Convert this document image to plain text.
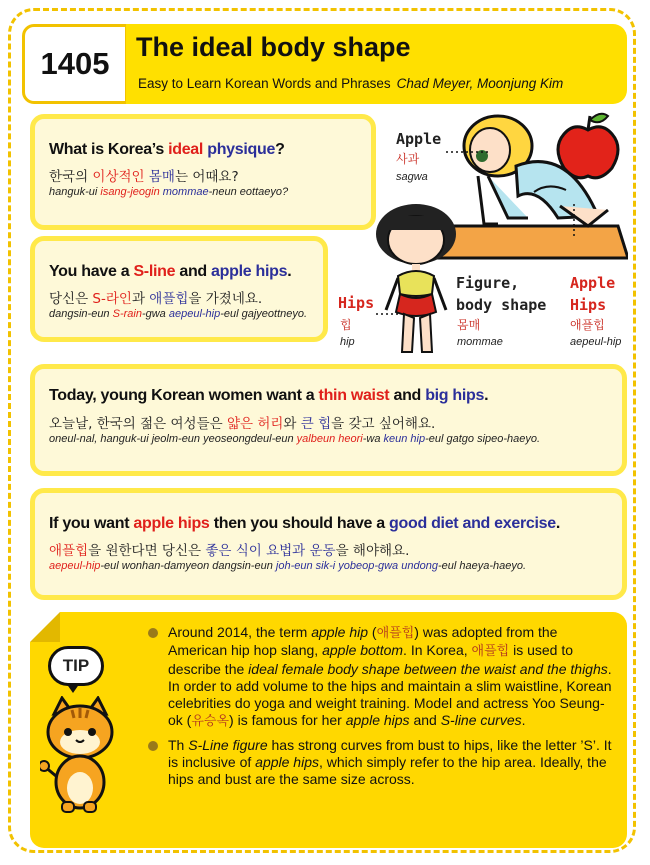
1405 The ideal body shape
Easy to Learn Korean Words and Phrases Chad Meyer, Moonjung Kim
What is Korea’s ideal physique?
한국의 이상적인 몸매는 어때요?
hanguk-ui isang-jeogin mommae-neun eottaeyo?
You have a S-line and apple hips.
당신은 S-라인과 애플힙을 가졌네요.
dangsin-eun S-rain-gwa aepeul-hip-eul gajyeottneyo.
Today, young Korean women want a thin waist and big hips.
오늘날, 한국의 젊은 여성들은 얇은 허리와 큰 힙을 갖고 싶어해요.
oneul-nal, hanguk-ui jeolm-eun yeoseongdeul-eun yalbeun heori-wa keun hip-eul gatgo sipeo-haeyo.
If you want apple hips then you should have a good diet and exercise.
애플힙을 원한다면 당신은 좋은 식이 요법과 운동을 해야해요.
aepeul-hip-eul wonhan-damyeon dangsin-eun joh-eun sik-i yobeop-gwa undong-eul haeya-haeyo.
Apple
사과
sagwa
Hips
힙
hip
Figure,
body shape
몸매
mommae
Apple
Hips
애플힙
aepeul-hip

Around 2014, the term apple hip (애플힙) was adopted from the American hip hop slang, apple bottom. In Korea, 애플힙 is used to describe the ideal female body shape between the waist and the thighs. In order to add volume to the hips and maintain a slim waistline, Korean celebrities do yoga and weight training. Model and actress Yoo Seung-ok (유승옥) is famous for her apple hips and S-line curves.

Th S-Line figure has strong curves from bust to hips, like the letter ’S’. It is inclusive of apple hips, which simply refer to the hip area. Ideally, the hips and bust are the same size across.

TIP
